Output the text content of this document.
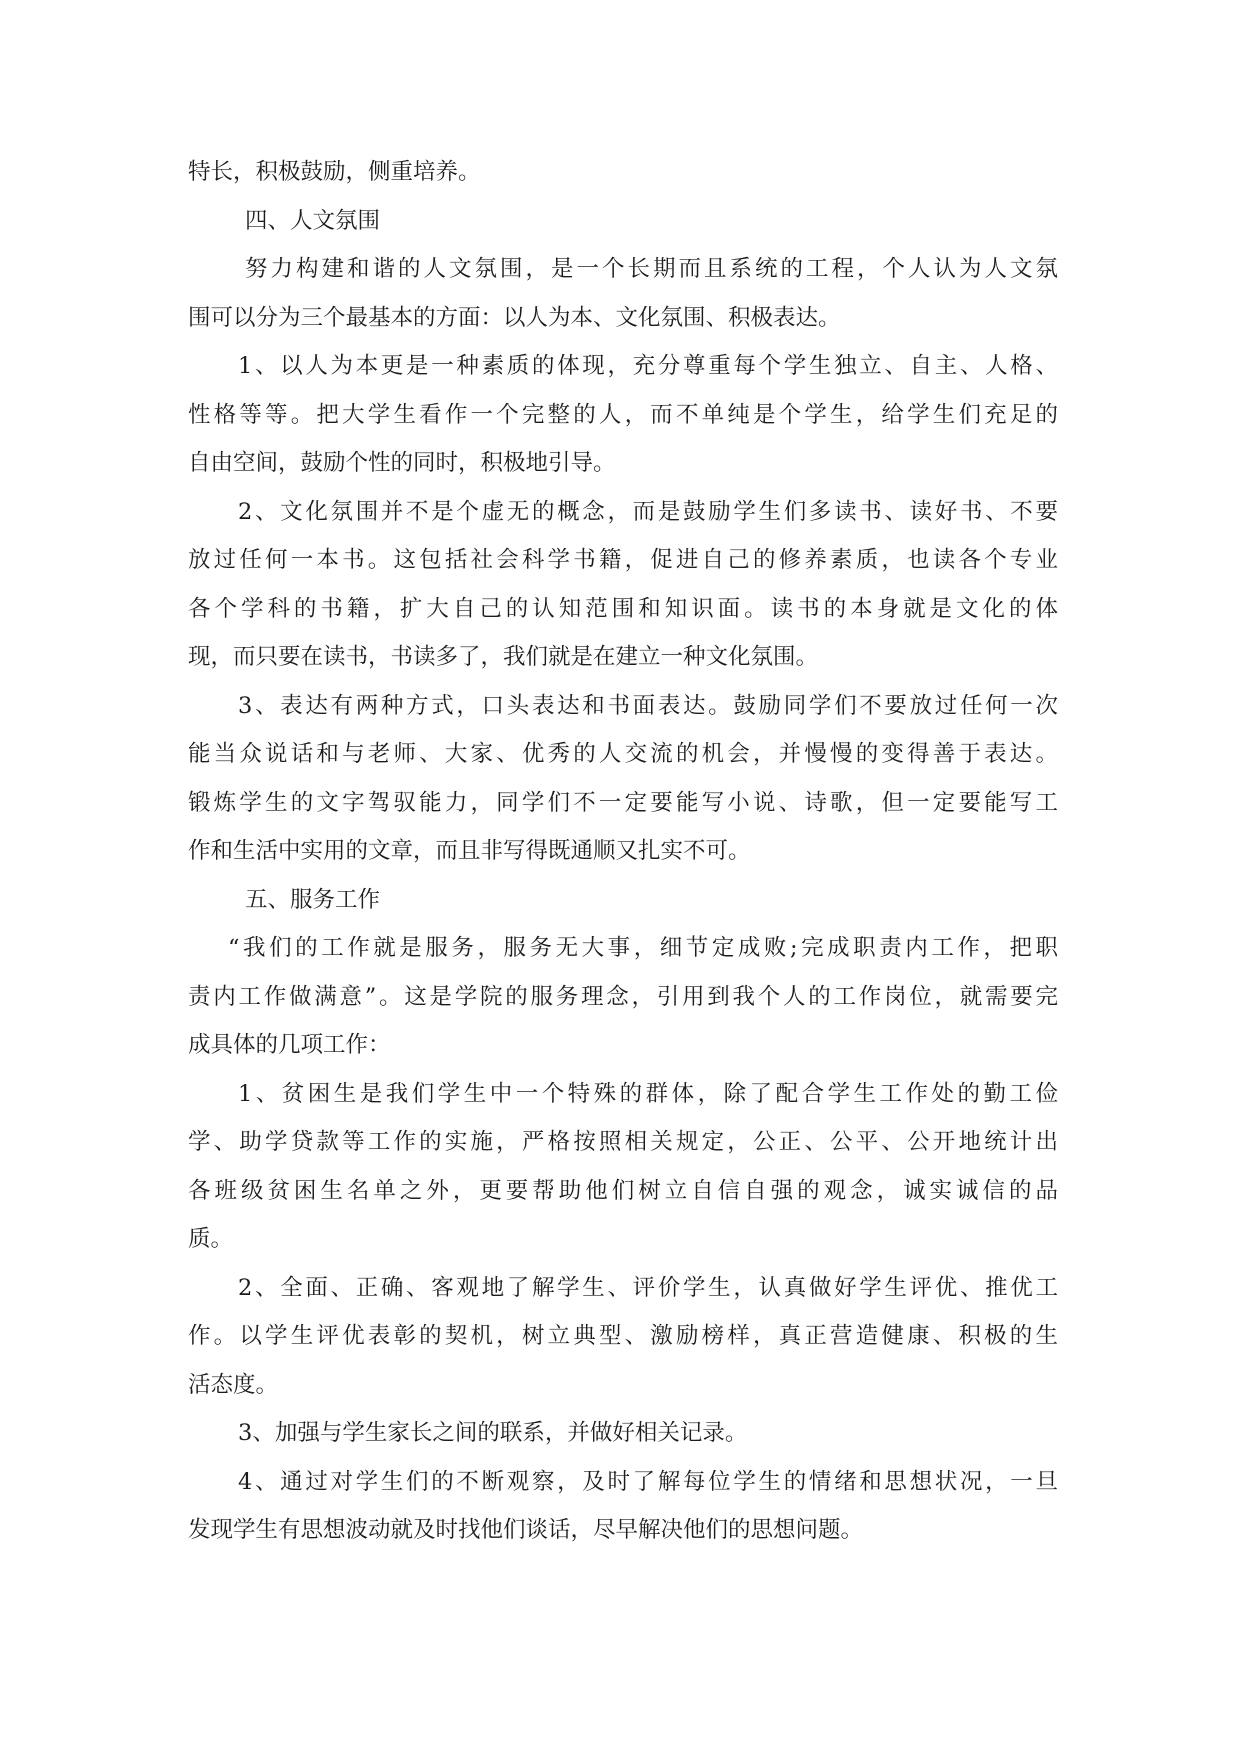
特长，积极鼓励，侧重培养。
四、人文氛围
努力构建和谐的人文氛围，是一个长期而且系统的工程，个人认为人文氛
围可以分为三个最基本的方面：以人为本、文化氛围、积极表达。
1、以人为本更是一种素质的体现，充分尊重每个学生独立、自主、人格、
性格等等。把大学生看作一个完整的人，而不单纯是个学生，给学生们充足的
自由空间，鼓励个性的同时，积极地引导。
2、文化氛围并不是个虚无的概念，而是鼓励学生们多读书、读好书、不要
放过任何一本书。这包括社会科学书籍，促进自己的修养素质，也读各个专业
各个学科的书籍，扩大自己的认知范围和知识面。读书的本身就是文化的体
现，而只要在读书，书读多了，我们就是在建立一种文化氛围。
3、表达有两种方式，口头表达和书面表达。鼓励同学们不要放过任何一次
能当众说话和与老师、大家、优秀的人交流的机会，并慢慢的变得善于表达。
锻炼学生的文字驾驭能力，同学们不一定要能写小说、诗歌，但一定要能写工
作和生活中实用的文章，而且非写得既通顺又扎实不可。
五、服务工作
“我们的工作就是服务，服务无大事，细节定成败;完成职责内工作，把职
责内工作做满意”。这是学院的服务理念，引用到我个人的工作岗位，就需要完
成具体的几项工作：
1、贫困生是我们学生中一个特殊的群体，除了配合学生工作处的勤工俭
学、助学贷款等工作的实施，严格按照相关规定，公正、公平、公开地统计出
各班级贫困生名单之外，更要帮助他们树立自信自强的观念，诚实诚信的品
质。
2、全面、正确、客观地了解学生、评价学生，认真做好学生评优、推优工
作。以学生评优表彰的契机，树立典型、激励榜样，真正营造健康、积极的生
活态度。
3、加强与学生家长之间的联系，并做好相关记录。
4、通过对学生们的不断观察，及时了解每位学生的情绪和思想状况，一旦
发现学生有思想波动就及时找他们谈话，尽早解决他们的思想问题。
